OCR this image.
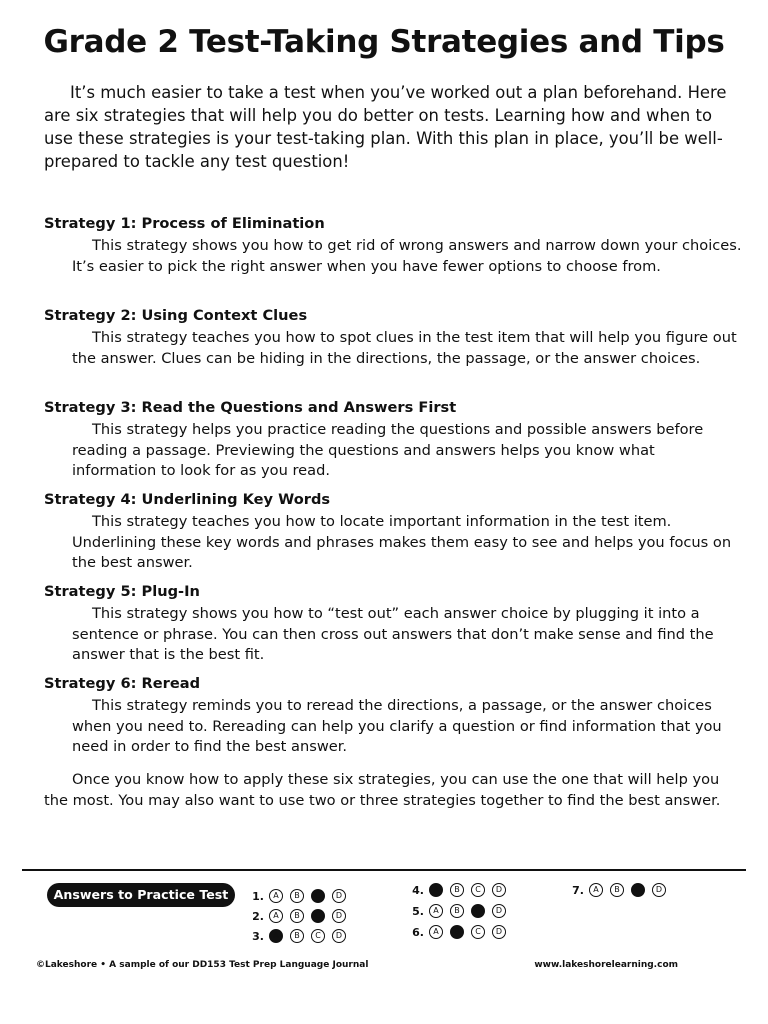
Grade 2 Test-Taking Strategies and Tips

It’s much easier to take a test when you’ve worked out a plan beforehand. Here are six strategies that will help you do better on tests. Learning how and when to use these strategies is your test-taking plan. With this plan in place, you’ll be well-prepared to tackle any test question!

Strategy 1: Process of Elimination

This strategy shows you how to get rid of wrong answers and narrow down your choices. It’s easier to pick the right answer when you have fewer options to choose from.

Strategy 2: Using Context Clues

This strategy teaches you how to spot clues in the test item that will help you figure out the answer. Clues can be hiding in the directions, the passage, or the answer choices.

Strategy 3: Read the Questions and Answers First

This strategy helps you practice reading the questions and possible answers before reading a passage. Previewing the questions and answers helps you know what information to look for as you read.

Strategy 4: Underlining Key Words

This strategy teaches you how to locate important information in the test item. Underlining these key words and phrases makes them easy to see and helps you focus on the best answer.

Strategy 5: Plug-In

This strategy shows you how to “test out” each answer choice by plugging it into a sentence or phrase. You can then cross out answers that don’t make sense and find the answer that is the best fit.

Strategy 6: Reread

This strategy reminds you to reread the directions, a passage, or the answer choices when you need to. Rereading can help you clarify a question or find information that you need in order to find the best answer.

Once you know how to apply these six strategies, you can use the one that will help you the most. You may also want to use two or three strategies together to find the best answer.

Answers to Practice Test	1.	A	B	C	D
2.	A	B	C	D
3.	A	B	C	D
4.	A	B	C	D
5.	A	B	C	D
6.	A	B	C	D
7.	A	B	C	D
©Lakeshore • A sample of our DD153 Test Prep Language Journal	www.lakeshorelearning.com
